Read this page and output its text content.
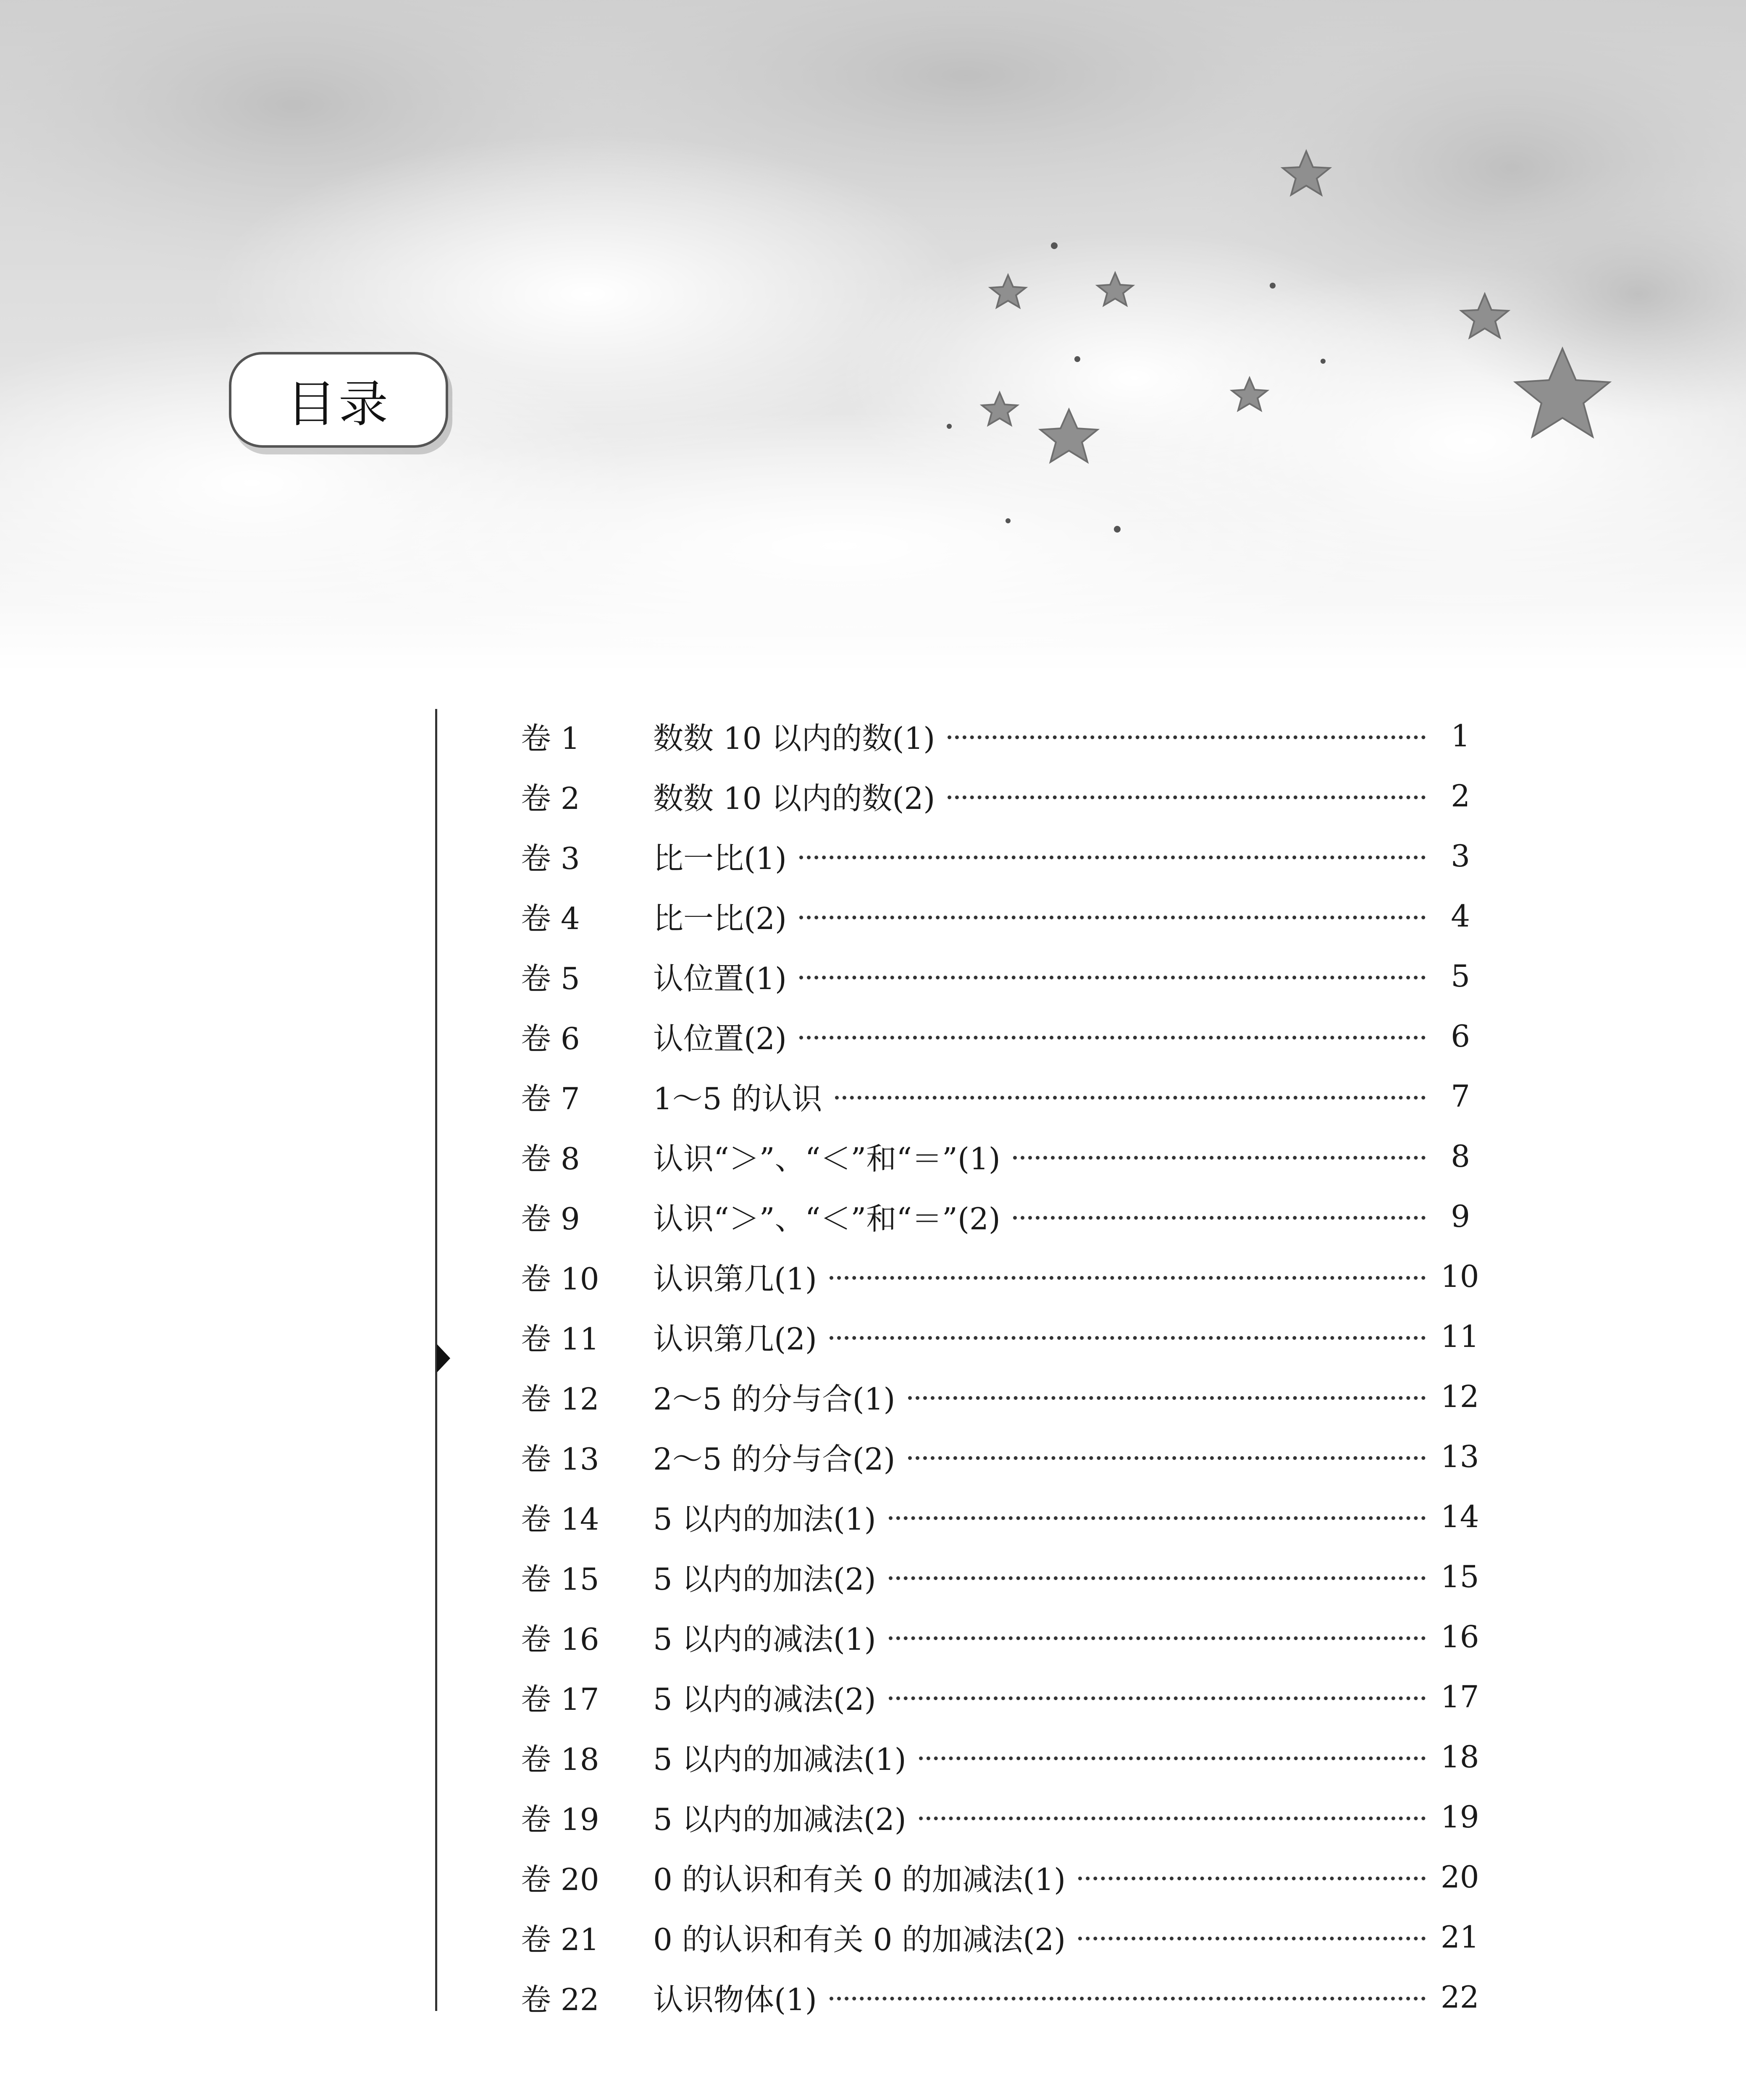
目录
卷 1	数数 10 以内的数(1)	1
卷 2	数数 10 以内的数(2)	2
卷 3	比一比(1)	3
卷 4	比一比(2)	4
卷 5	认位置(1)	5
卷 6	认位置(2)	6
卷 7	1～5 的认识	7
卷 8	认识“＞”、“＜”和“＝”(1)	8
卷 9	认识“＞”、“＜”和“＝”(2)	9
卷 10	认识第几(1)	10
卷 11	认识第几(2)	11
卷 12	2～5 的分与合(1)	12
卷 13	2～5 的分与合(2)	13
卷 14	5 以内的加法(1)	14
卷 15	5 以内的加法(2)	15
卷 16	5 以内的减法(1)	16
卷 17	5 以内的减法(2)	17
卷 18	5 以内的加减法(1)	18
卷 19	5 以内的加减法(2)	19
卷 20	0 的认识和有关 0 的加减法(1)	20
卷 21	0 的认识和有关 0 的加减法(2)	21
卷 22	认识物体(1)	22
